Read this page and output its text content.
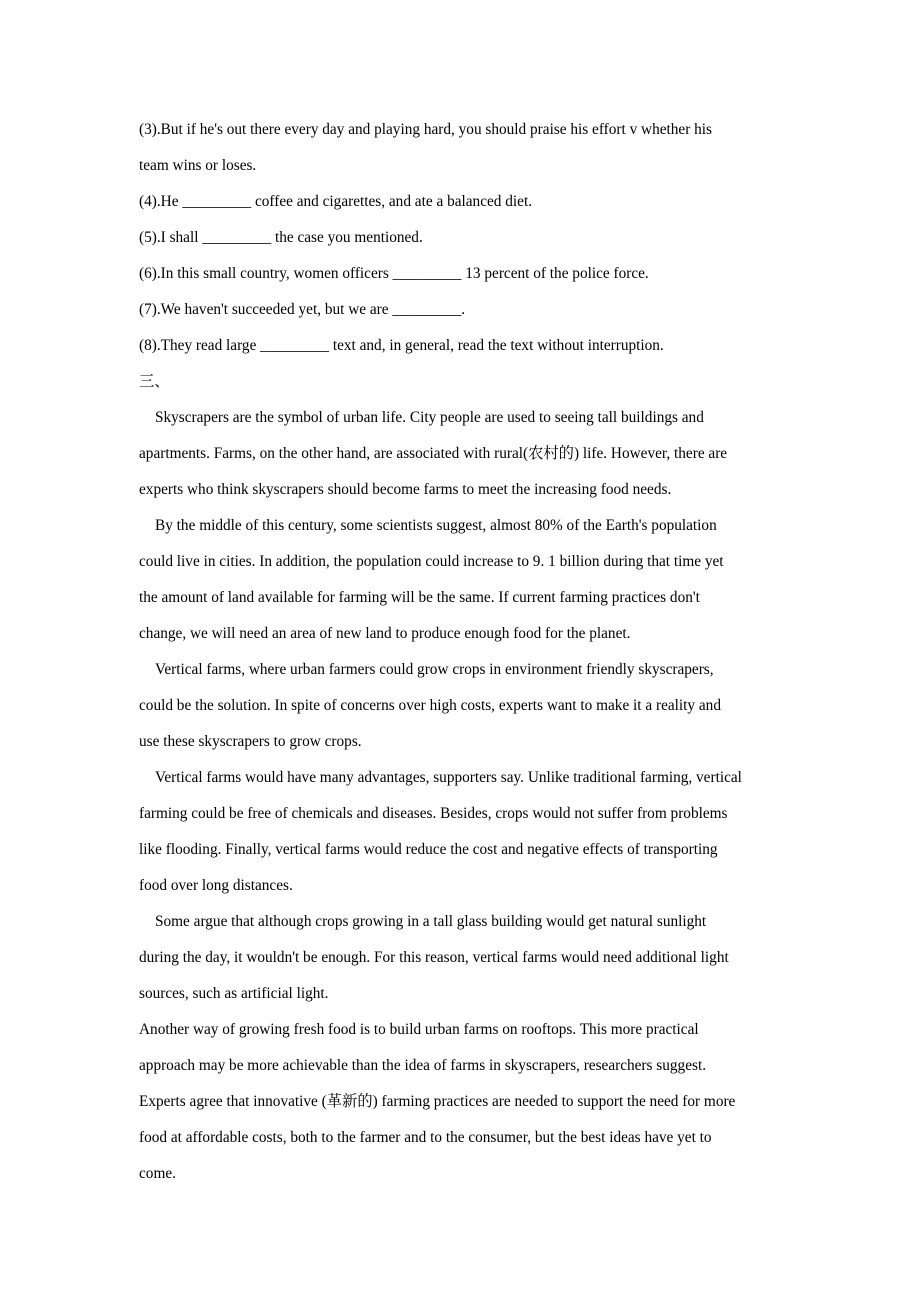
(3).But if he's out there every day and playing hard, you should praise his effort v whether his
team wins or loses.
(4).He _________ coffee and cigarettes, and ate a balanced diet.
(5).I shall _________ the case you mentioned.
(6).In this small country, women officers _________ 13 percent of the police force.
(7).We haven't succeeded yet, but we are _________.
(8).They read large _________ text and, in general, read the text without interruption.
三、
Skyscrapers are the symbol of urban life. City people are used to seeing tall buildings and
apartments. Farms, on the other hand, are associated with rural(农村的) life. However, there are
experts who think skyscrapers should become farms to meet the increasing food needs.
By the middle of this century, some scientists suggest, almost 80% of the Earth's population
could live in cities. In addition, the population could increase to 9. 1 billion during that time yet
the amount of land available for farming will be the same. If current farming practices don't
change, we will need an area of new land to produce enough food for the planet.
Vertical farms, where urban farmers could grow crops in environment friendly skyscrapers,
could be the solution. In spite of concerns over high costs, experts want to make it a reality and
use these skyscrapers to grow crops.
Vertical farms would have many advantages, supporters say. Unlike traditional farming, vertical
farming could be free of chemicals and diseases. Besides, crops would not suffer from problems
like flooding. Finally, vertical farms would reduce the cost and negative effects of transporting
food over long distances.
Some argue that although crops growing in a tall glass building would get natural sunlight
during the day, it wouldn't be enough. For this reason, vertical farms would need additional light
sources, such as artificial light.
Another way of growing fresh food is to build urban farms on rooftops. This more practical
approach may be more achievable than the idea of farms in skyscrapers, researchers suggest.
Experts agree that innovative (革新的) farming practices are needed to support the need for more
food at affordable costs, both to the farmer and to the consumer, but the best ideas have yet to
come.
